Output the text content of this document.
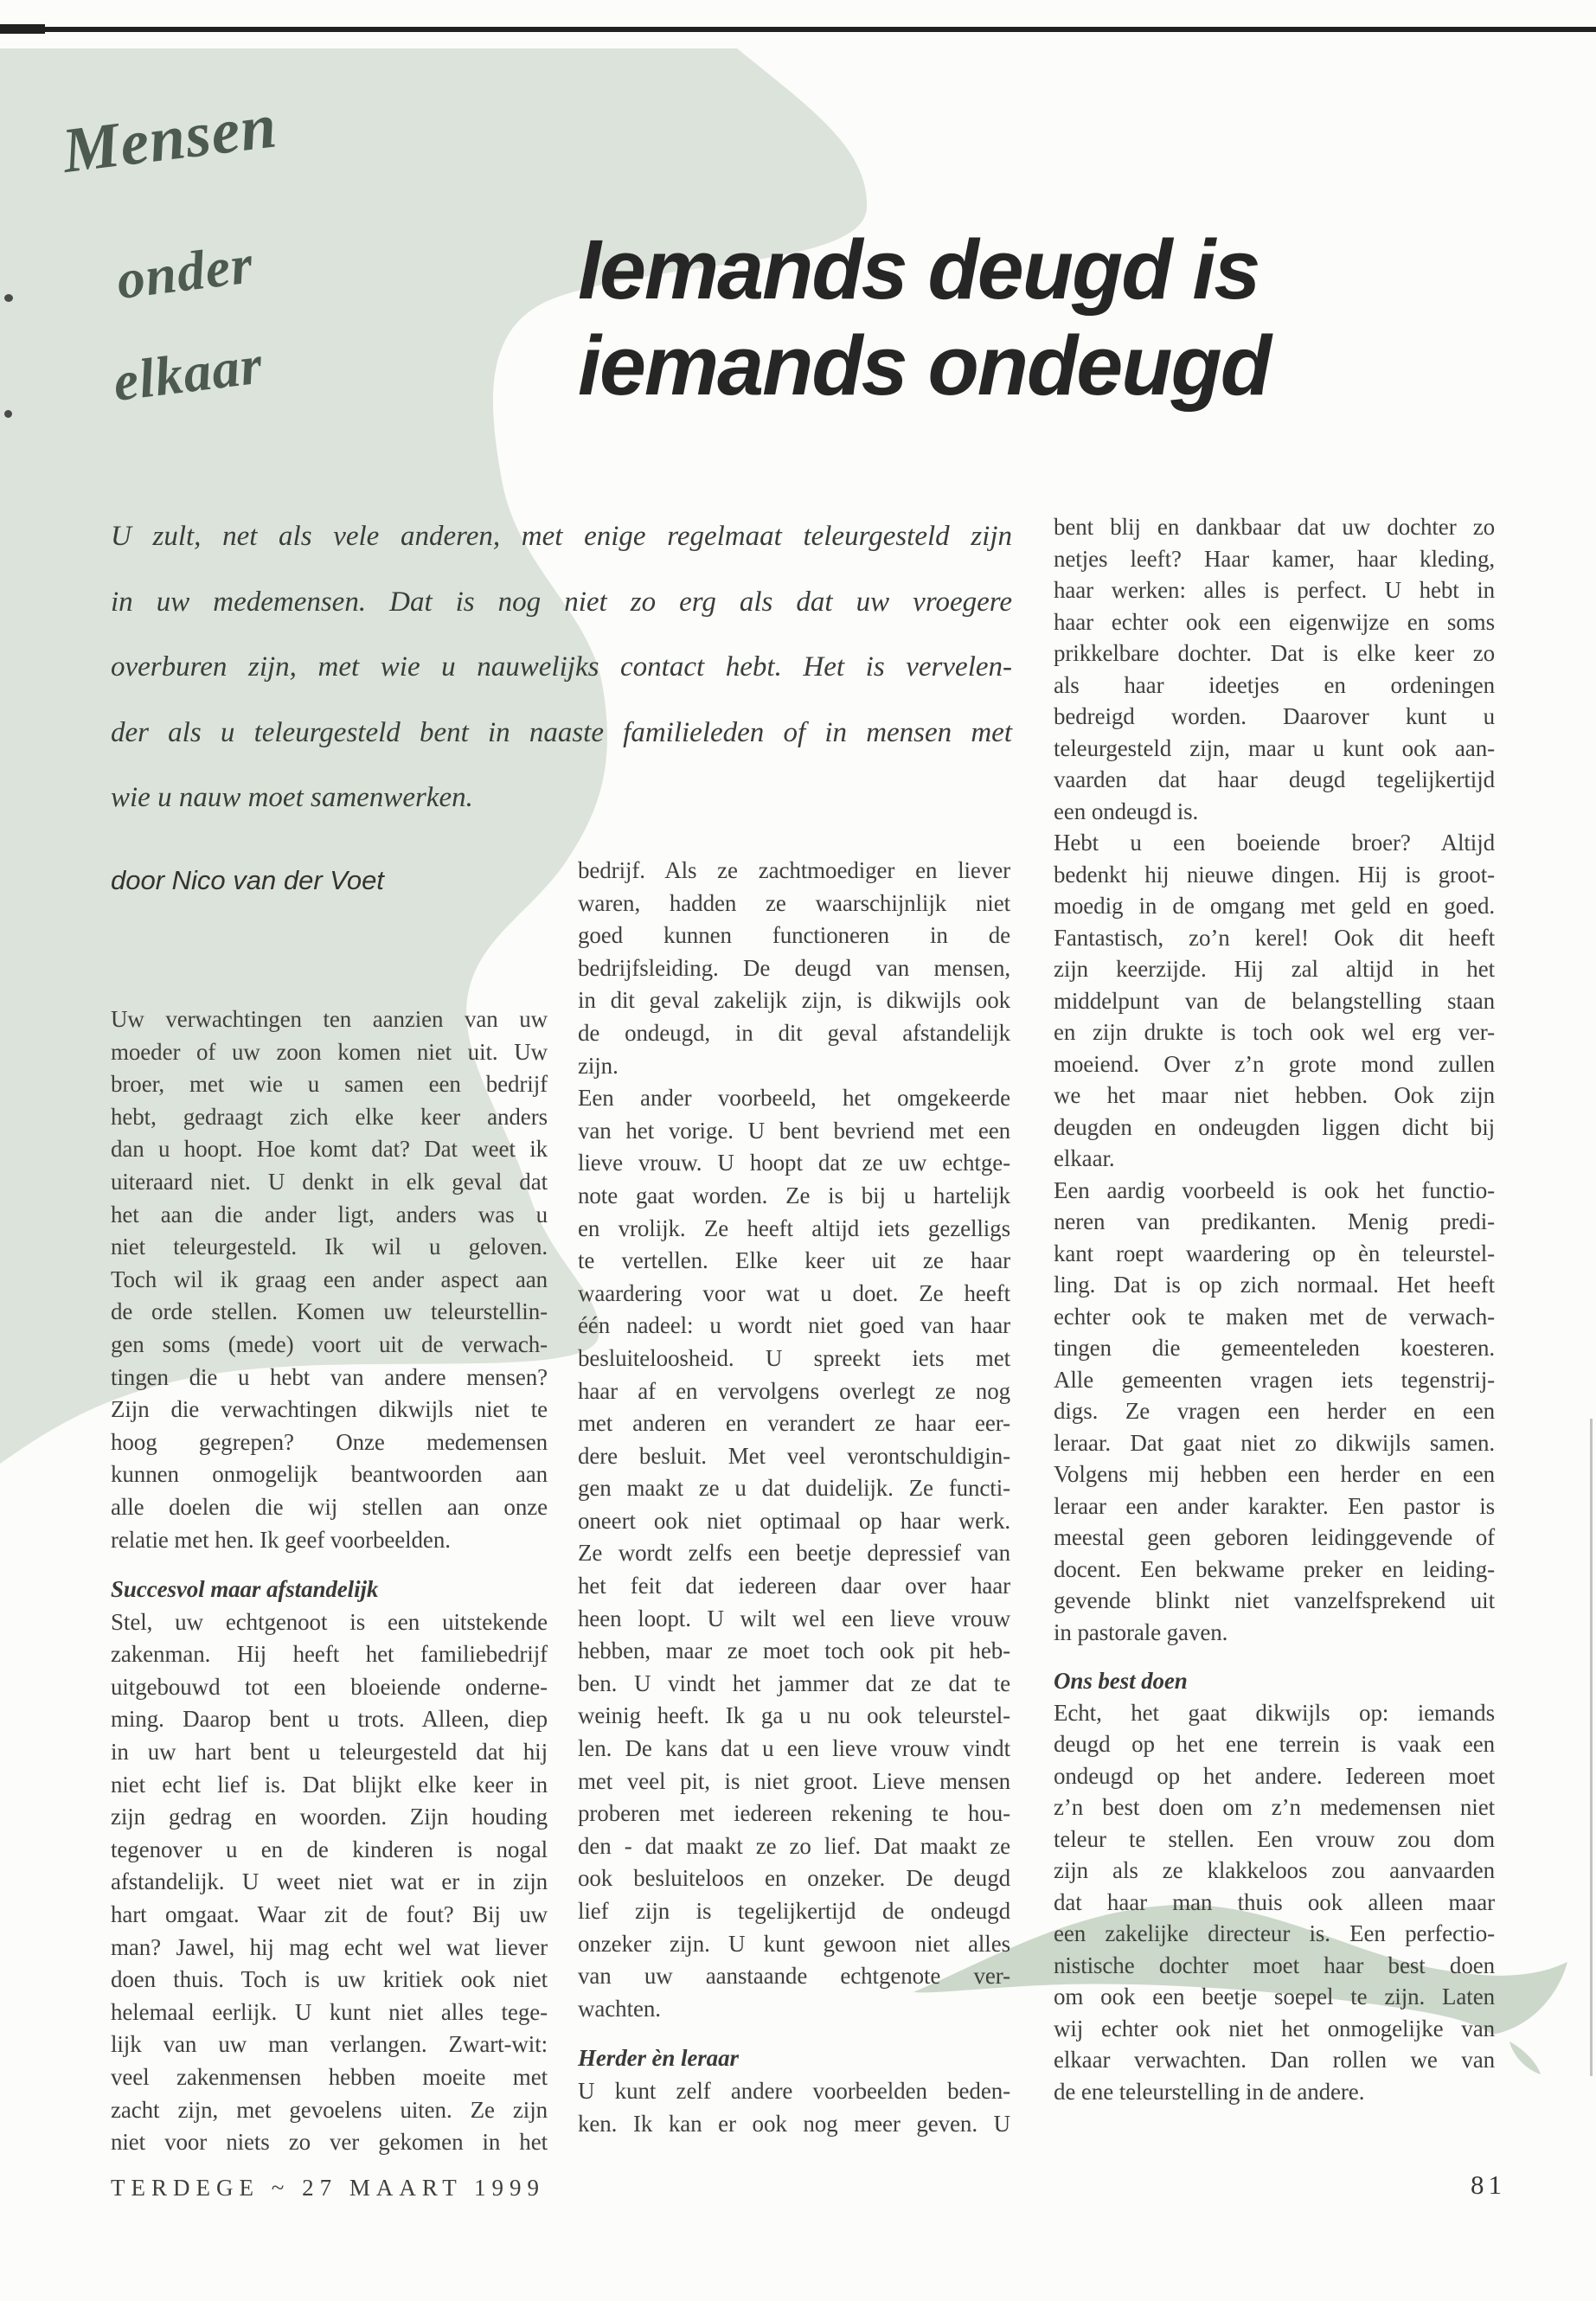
Mensen
onder
elkaar
Iemands deugd is
iemands ondeugd
U zult, net als vele anderen, met enige regelmaat teleurgesteld zijn
in uw medemensen. Dat is nog niet zo erg als dat uw vroegere
overburen zijn, met wie u nauwelijks contact hebt. Het is vervelen-
der als u teleurgesteld bent in naaste familieleden of in mensen met
wie u nauw moet samenwerken.
door Nico van der Voet
Uw verwachtingen ten aanzien van uw
moeder of uw zoon komen niet uit. Uw
broer, met wie u samen een bedrijf
hebt, gedraagt zich elke keer anders
dan u hoopt. Hoe komt dat? Dat weet ik
uiteraard niet. U denkt in elk geval dat
het aan die ander ligt, anders was u
niet teleurgesteld. Ik wil u geloven.
Toch wil ik graag een ander aspect aan
de orde stellen. Komen uw teleurstellin-
gen soms (mede) voort uit de verwach-
tingen die u hebt van andere mensen?
Zijn die verwachtingen dikwijls niet te
hoog gegrepen? Onze medemensen
kunnen onmogelijk beantwoorden aan
alle doelen die wij stellen aan onze
relatie met hen. Ik geef voorbeelden.
Succesvol maar afstandelijk
Stel, uw echtgenoot is een uitstekende
zakenman. Hij heeft het familiebedrijf
uitgebouwd tot een bloeiende onderne-
ming. Daarop bent u trots. Alleen, diep
in uw hart bent u teleurgesteld dat hij
niet echt lief is. Dat blijkt elke keer in
zijn gedrag en woorden. Zijn houding
tegenover u en de kinderen is nogal
afstandelijk. U weet niet wat er in zijn
hart omgaat. Waar zit de fout? Bij uw
man? Jawel, hij mag echt wel wat liever
doen thuis. Toch is uw kritiek ook niet
helemaal eerlijk. U kunt niet alles tege-
lijk van uw man verlangen. Zwart-wit:
veel zakenmensen hebben moeite met
zacht zijn, met gevoelens uiten. Ze zijn
niet voor niets zo ver gekomen in het
bedrijf. Als ze zachtmoediger en liever
waren, hadden ze waarschijnlijk niet
goed kunnen functioneren in de
bedrijfsleiding. De deugd van mensen,
in dit geval zakelijk zijn, is dikwijls ook
de ondeugd, in dit geval afstandelijk
zijn.
Een ander voorbeeld, het omgekeerde
van het vorige. U bent bevriend met een
lieve vrouw. U hoopt dat ze uw echtge-
note gaat worden. Ze is bij u hartelijk
en vrolijk. Ze heeft altijd iets gezelligs
te vertellen. Elke keer uit ze haar
waardering voor wat u doet. Ze heeft
één nadeel: u wordt niet goed van haar
besluiteloosheid. U spreekt iets met
haar af en vervolgens overlegt ze nog
met anderen en verandert ze haar eer-
dere besluit. Met veel verontschuldigin-
gen maakt ze u dat duidelijk. Ze functi-
oneert ook niet optimaal op haar werk.
Ze wordt zelfs een beetje depressief van
het feit dat iedereen daar over haar
heen loopt. U wilt wel een lieve vrouw
hebben, maar ze moet toch ook pit heb-
ben. U vindt het jammer dat ze dat te
weinig heeft. Ik ga u nu ook teleurstel-
len. De kans dat u een lieve vrouw vindt
met veel pit, is niet groot. Lieve mensen
proberen met iedereen rekening te hou-
den - dat maakt ze zo lief. Dat maakt ze
ook besluiteloos en onzeker. De deugd
lief zijn is tegelijkertijd de ondeugd
onzeker zijn. U kunt gewoon niet alles
van uw aanstaande echtgenote ver-
wachten.
Herder èn leraar
U kunt zelf andere voorbeelden beden-
ken. Ik kan er ook nog meer geven. U
bent blij en dankbaar dat uw dochter zo
netjes leeft? Haar kamer, haar kleding,
haar werken: alles is perfect. U hebt in
haar echter ook een eigenwijze en soms
prikkelbare dochter. Dat is elke keer zo
als haar ideetjes en ordeningen
bedreigd worden. Daarover kunt u
teleurgesteld zijn, maar u kunt ook aan-
vaarden dat haar deugd tegelijkertijd
een ondeugd is.
Hebt u een boeiende broer? Altijd
bedenkt hij nieuwe dingen. Hij is groot-
moedig in de omgang met geld en goed.
Fantastisch, zo’n kerel! Ook dit heeft
zijn keerzijde. Hij zal altijd in het
middelpunt van de belangstelling staan
en zijn drukte is toch ook wel erg ver-
moeiend. Over z’n grote mond zullen
we het maar niet hebben. Ook zijn
deugden en ondeugden liggen dicht bij
elkaar.
Een aardig voorbeeld is ook het functio-
neren van predikanten. Menig predi-
kant roept waardering op èn teleurstel-
ling. Dat is op zich normaal. Het heeft
echter ook te maken met de verwach-
tingen die gemeenteleden koesteren.
Alle gemeenten vragen iets tegenstrij-
digs. Ze vragen een herder en een
leraar. Dat gaat niet zo dikwijls samen.
Volgens mij hebben een herder en een
leraar een ander karakter. Een pastor is
meestal geen geboren leidinggevende of
docent. Een bekwame preker en leiding-
gevende blinkt niet vanzelfsprekend uit
in pastorale gaven.
Ons best doen
Echt, het gaat dikwijls op: iemands
deugd op het ene terrein is vaak een
ondeugd op het andere. Iedereen moet
z’n best doen om z’n medemensen niet
teleur te stellen. Een vrouw zou dom
zijn als ze klakkeloos zou aanvaarden
dat haar man thuis ook alleen maar
een zakelijke directeur is. Een perfectio-
nistische dochter moet haar best doen
om ook een beetje soepel te zijn. Laten
wij echter ook niet het onmogelijke van
elkaar verwachten. Dan rollen we van
de ene teleurstelling in de andere.
TERDEGE ~ 27 MAART 1999	81
